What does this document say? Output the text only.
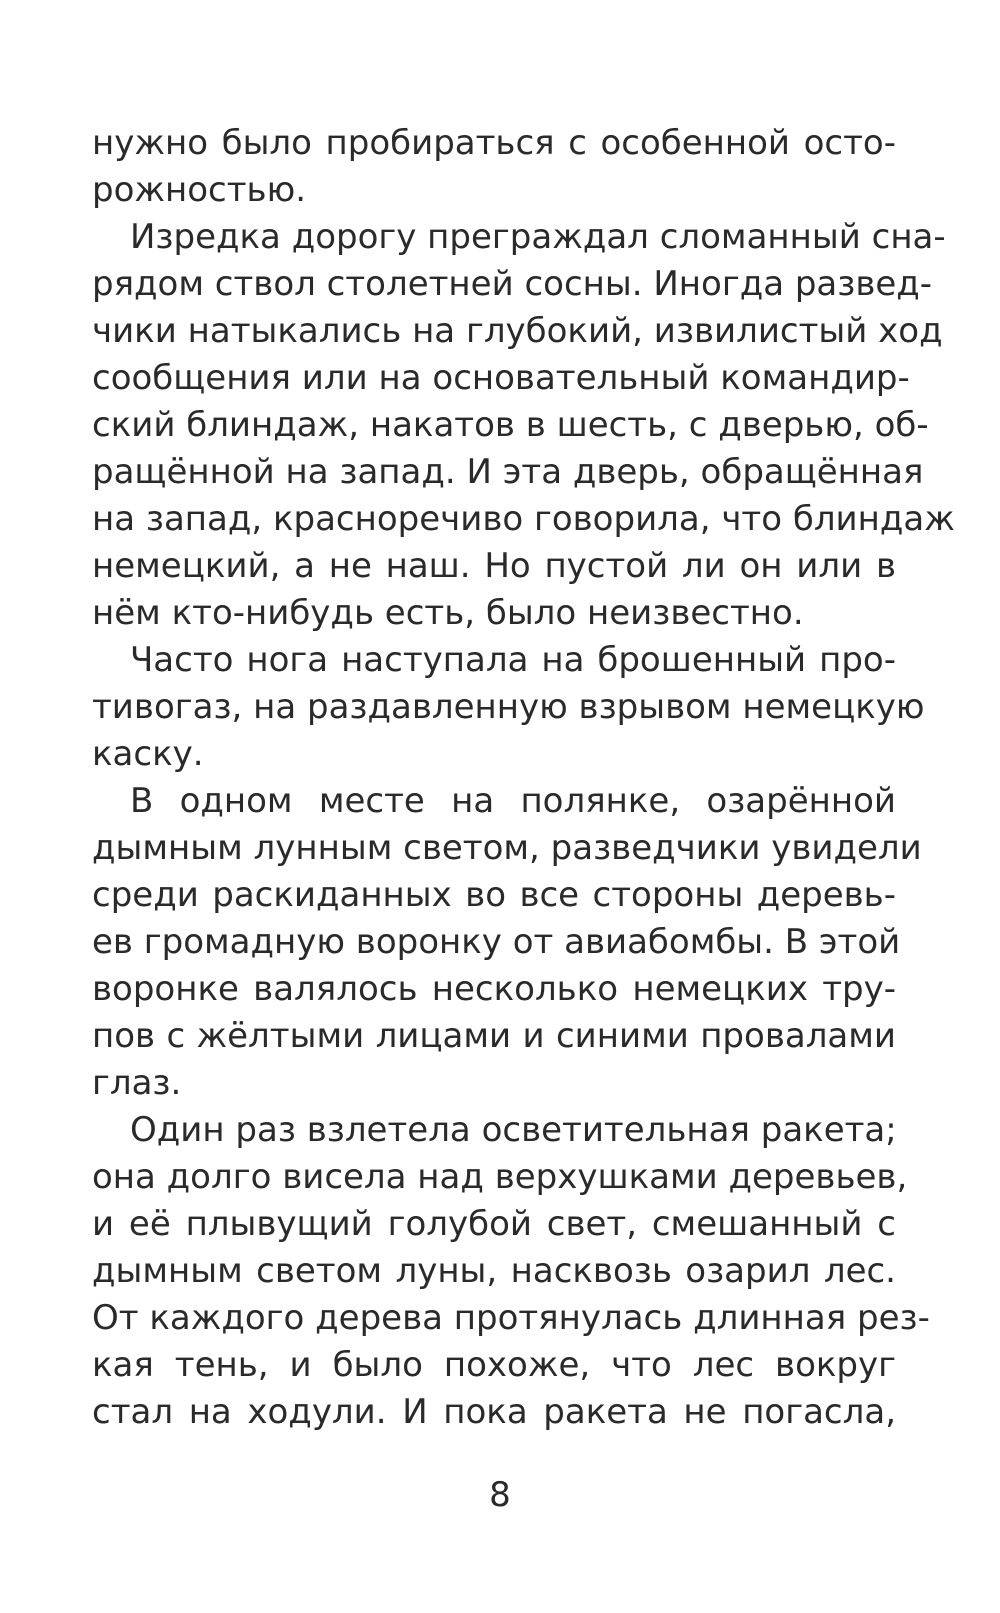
нужно было пробираться с особенной осто-
рожностью.
Изредка дорогу преграждал сломанный сна-
рядом ствол столетней сосны. Иногда развед-
чики натыкались на глубокий, извилистый ход
сообщения или на основательный командир-
ский блиндаж, накатов в шесть, с дверью, об-
ращённой на запад. И эта дверь, обращённая
на запад, красноречиво говорила, что блиндаж
немецкий, а не наш. Но пустой ли он или в
нём кто-нибудь есть, было неизвестно.
Часто нога наступала на брошенный про-
тивогаз, на раздавленную взрывом немецкую
каску.
В одном месте на полянке, озарённой
дымным лунным светом, разведчики увидели
среди раскиданных во все стороны деревь-
ев громадную воронку от авиабомбы. В этой
воронке валялось несколько немецких тру-
пов с жёлтыми лицами и синими провалами
глаз.
Один раз взлетела осветительная ракета;
она долго висела над верхушками деревьев,
и её плывущий голубой свет, смешанный с
дымным светом луны, насквозь озарил лес.
От каждого дерева протянулась длинная рез-
кая тень, и было похоже, что лес вокруг
стал на ходули. И пока ракета не погасла,
8
